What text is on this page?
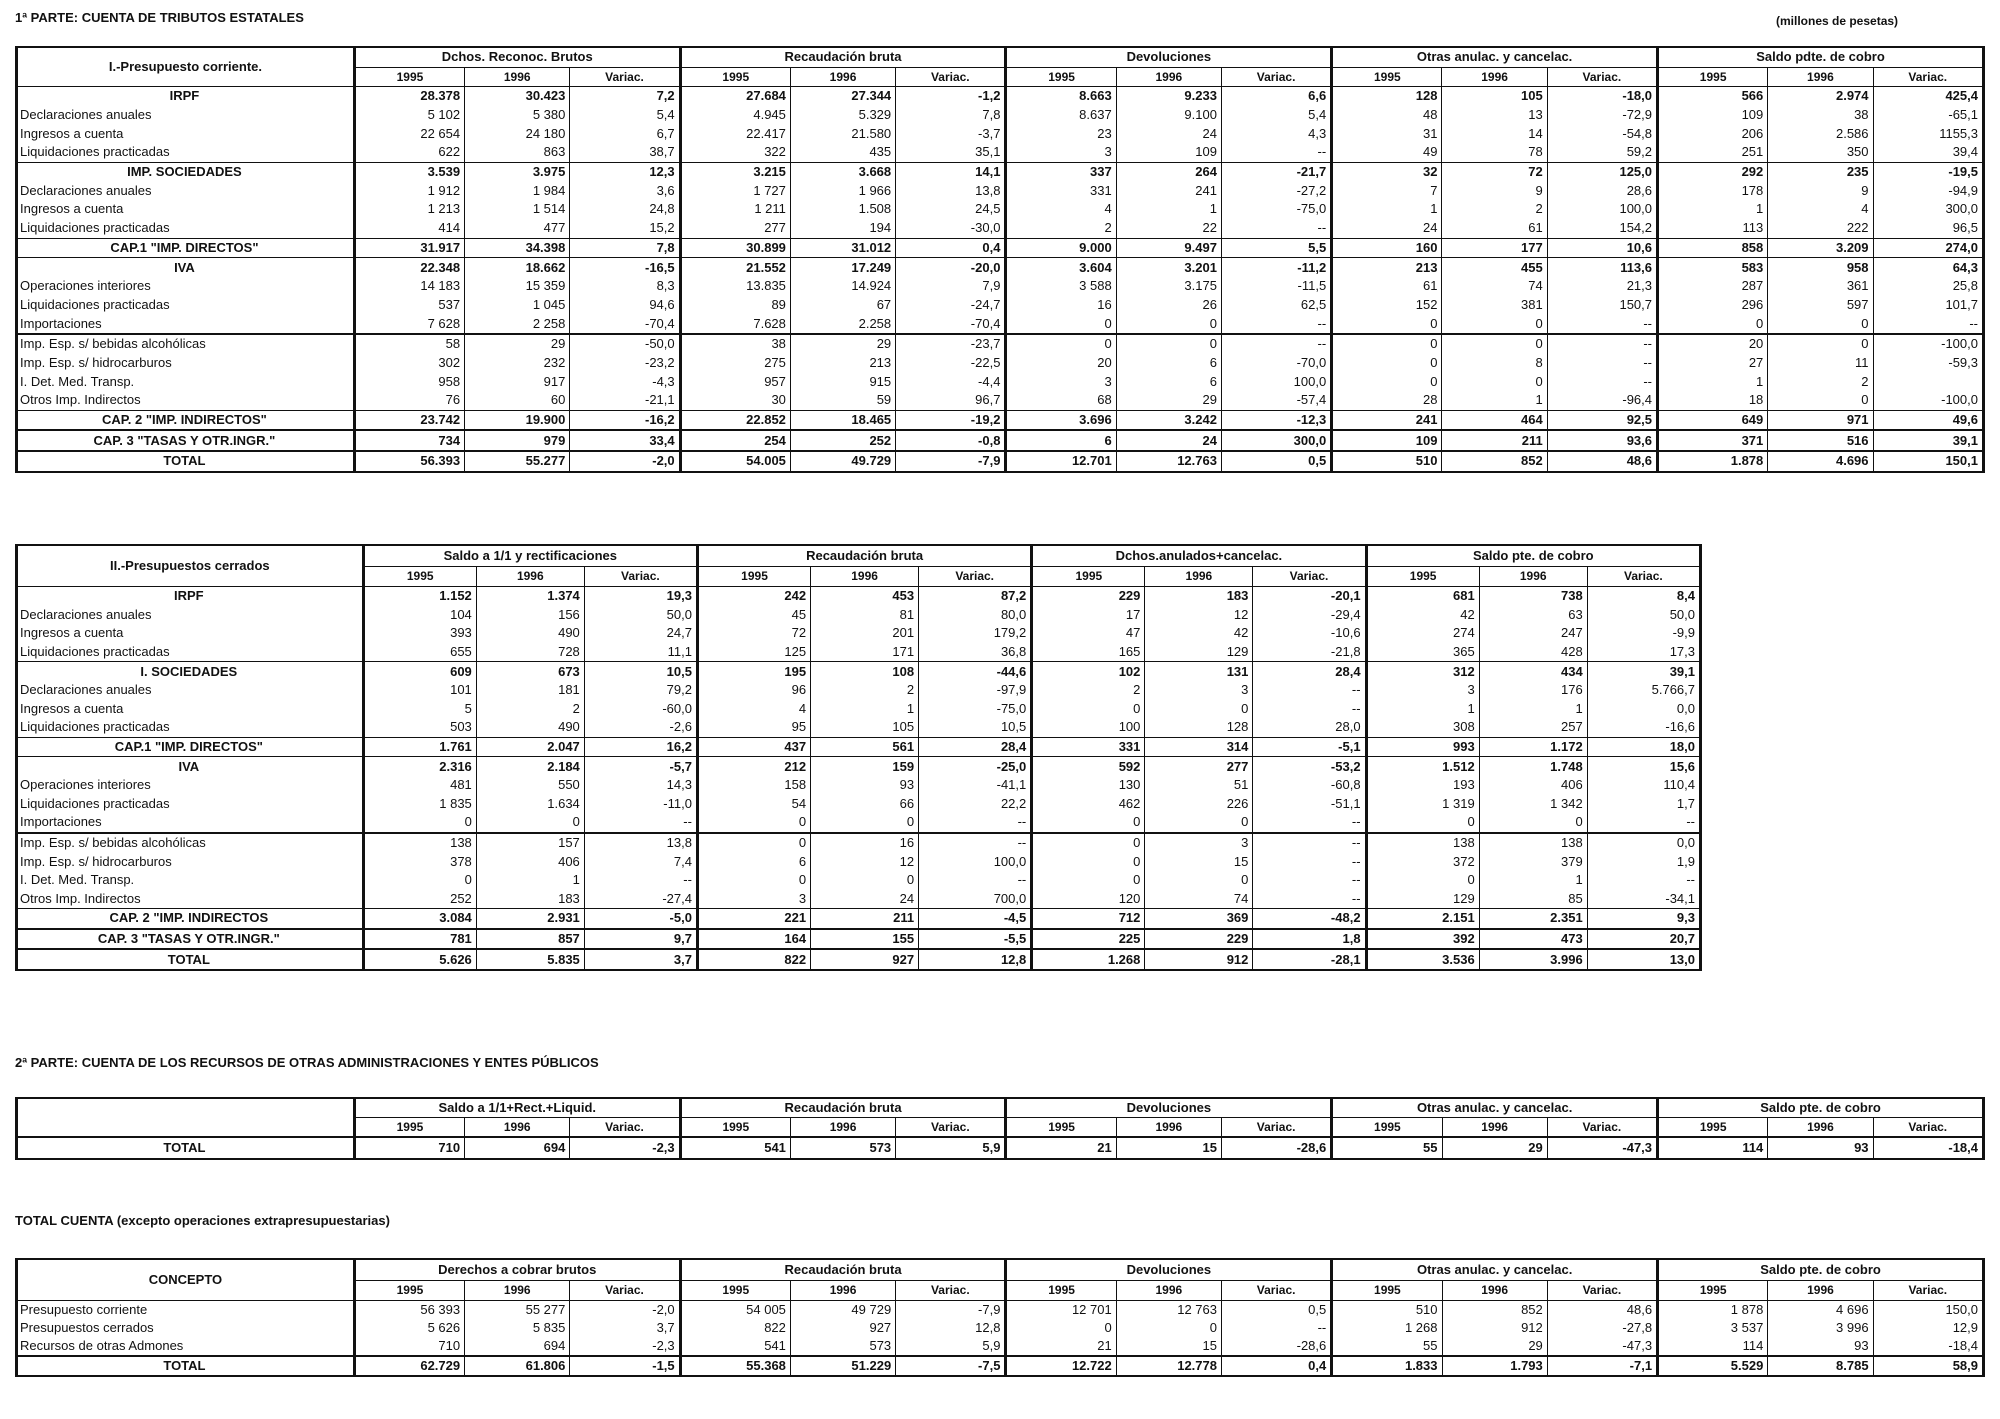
1ª PARTE: CUENTA DE TRIBUTOS ESTATALES	(millones de pesetas)
I.-Presupuesto corriente.	Dchos. Reconoc. Brutos			Recaudación bruta			Devoluciones			Otras anulac. y cancelac.			Saldo pdte. de cobro		
	1995	1996	Variac.	1995	1996	Variac.	1995	1996	Variac.	1995	1996	Variac.	1995	1996	Variac.
IRPF	28.378	30.423	7,2	27.684	27.344	-1,2	8.663	9.233	6,6	128	105	-18,0	566	2.974	425,4
Declaraciones anuales	5 102	5 380	5,4	4.945	5.329	7,8	8.637	9.100	5,4	48	13	-72,9	109	38	-65,1
Ingresos a cuenta	22 654	24 180	6,7	22.417	21.580	-3,7	23	24	4,3	31	14	-54,8	206	2.586	1155,3
Liquidaciones practicadas	622	863	38,7	322	435	35,1	3	109	--	49	78	59,2	251	350	39,4
IMP. SOCIEDADES	3.539	3.975	12,3	3.215	3.668	14,1	337	264	-21,7	32	72	125,0	292	235	-19,5
Declaraciones anuales	1 912	1 984	3,6	1 727	1 966	13,8	331	241	-27,2	7	9	28,6	178	9	-94,9
Ingresos a cuenta	1 213	1 514	24,8	1 211	1.508	24,5	4	1	-75,0	1	2	100,0	1	4	300,0
Liquidaciones practicadas	414	477	15,2	277	194	-30,0	2	22	--	24	61	154,2	113	222	96,5
CAP.1 "IMP. DIRECTOS"	31.917	34.398	7,8	30.899	31.012	0,4	9.000	9.497	5,5	160	177	10,6	858	3.209	274,0
IVA	22.348	18.662	-16,5	21.552	17.249	-20,0	3.604	3.201	-11,2	213	455	113,6	583	958	64,3
Operaciones interiores	14 183	15 359	8,3	13.835	14.924	7,9	3 588	3.175	-11,5	61	74	21,3	287	361	25,8
Liquidaciones practicadas	537	1 045	94,6	89	67	-24,7	16	26	62,5	152	381	150,7	296	597	101,7
Importaciones	7 628	2 258	-70,4	7.628	2.258	-70,4	0	0	--	0	0	--	0	0	--
Imp. Esp. s/ bebidas alcohólicas	58	29	-50,0	38	29	-23,7	0	0	--	0	0	--	20	0	-100,0
Imp. Esp. s/ hidrocarburos	302	232	-23,2	275	213	-22,5	20	6	-70,0	0	8	--	27	11	-59,3
I. Det. Med. Transp.	958	917	-4,3	957	915	-4,4	3	6	100,0	0	0	--	1	2	
Otros Imp. Indirectos	76	60	-21,1	30	59	96,7	68	29	-57,4	28	1	-96,4	18	0	-100,0
CAP. 2 "IMP. INDIRECTOS"	23.742	19.900	-16,2	22.852	18.465	-19,2	3.696	3.242	-12,3	241	464	92,5	649	971	49,6
CAP. 3 "TASAS Y OTR.INGR."	734	979	33,4	254	252	-0,8	6	24	300,0	109	211	93,6	371	516	39,1
TOTAL	56.393	55.277	-2,0	54.005	49.729	-7,9	12.701	12.763	0,5	510	852	48,6	1.878	4.696	150,1
II.-Presupuestos cerrados	Saldo a 1/1 y rectificaciones			Recaudación bruta			Dchos.anulados+cancelac.			Saldo pte. de cobro		
	1995	1996	Variac.	1995	1996	Variac.	1995	1996	Variac.	1995	1996	Variac.
IRPF	1.152	1.374	19,3	242	453	87,2	229	183	-20,1	681	738	8,4
Declaraciones anuales	104	156	50,0	45	81	80,0	17	12	-29,4	42	63	50,0
Ingresos a cuenta	393	490	24,7	72	201	179,2	47	42	-10,6	274	247	-9,9
Liquidaciones practicadas	655	728	11,1	125	171	36,8	165	129	-21,8	365	428	17,3
I. SOCIEDADES	609	673	10,5	195	108	-44,6	102	131	28,4	312	434	39,1
Declaraciones anuales	101	181	79,2	96	2	-97,9	2	3	--	3	176	5.766,7
Ingresos a cuenta	5	2	-60,0	4	1	-75,0	0	0	--	1	1	0,0
Liquidaciones practicadas	503	490	-2,6	95	105	10,5	100	128	28,0	308	257	-16,6
CAP.1 "IMP. DIRECTOS"	1.761	2.047	16,2	437	561	28,4	331	314	-5,1	993	1.172	18,0
IVA	2.316	2.184	-5,7	212	159	-25,0	592	277	-53,2	1.512	1.748	15,6
Operaciones interiores	481	550	14,3	158	93	-41,1	130	51	-60,8	193	406	110,4
Liquidaciones practicadas	1 835	1.634	-11,0	54	66	22,2	462	226	-51,1	1 319	1 342	1,7
Importaciones	0	0	--	0	0	--	0	0	--	0	0	--
Imp. Esp. s/ bebidas alcohólicas	138	157	13,8	0	16	--	0	3	--	138	138	0,0
Imp. Esp. s/ hidrocarburos	378	406	7,4	6	12	100,0	0	15	--	372	379	1,9
I. Det. Med. Transp.	0	1	--	0	0	--	0	0	--	0	1	--
Otros Imp. Indirectos	252	183	-27,4	3	24	700,0	120	74	--	129	85	-34,1
CAP. 2 "IMP. INDIRECTOS	3.084	2.931	-5,0	221	211	-4,5	712	369	-48,2	2.151	2.351	9,3
CAP. 3 "TASAS Y OTR.INGR."	781	857	9,7	164	155	-5,5	225	229	1,8	392	473	20,7
TOTAL	5.626	5.835	3,7	822	927	12,8	1.268	912	-28,1	3.536	3.996	13,0
2ª PARTE: CUENTA DE LOS RECURSOS DE OTRAS ADMINISTRACIONES Y ENTES PÚBLICOS
	Saldo a 1/1+Rect.+Liquid.			Recaudación bruta			Devoluciones			Otras anulac. y cancelac.			Saldo pte. de cobro		
	1995	1996	Variac.	1995	1996	Variac.	1995	1996	Variac.	1995	1996	Variac.	1995	1996	Variac.
TOTAL	710	694	-2,3	541	573	5,9	21	15	-28,6	55	29	-47,3	114	93	-18,4
TOTAL CUENTA (excepto operaciones extrapresupuestarias)
CONCEPTO	Derechos a cobrar brutos			Recaudación bruta			Devoluciones			Otras anulac. y cancelac.			Saldo pte. de cobro		
	1995	1996	Variac.	1995	1996	Variac.	1995	1996	Variac.	1995	1996	Variac.	1995	1996	Variac.
Presupuesto corriente	56 393	55 277	-2,0	54 005	49 729	-7,9	12 701	12 763	0,5	510	852	48,6	1 878	4 696	150,0
Presupuestos cerrados	5 626	5 835	3,7	822	927	12,8	0	0	--	1 268	912	-27,8	3 537	3 996	12,9
Recursos de otras Admones	710	694	-2,3	541	573	5,9	21	15	-28,6	55	29	-47,3	114	93	-18,4
TOTAL	62.729	61.806	-1,5	55.368	51.229	-7,5	12.722	12.778	0,4	1.833	1.793	-7,1	5.529	8.785	58,9
